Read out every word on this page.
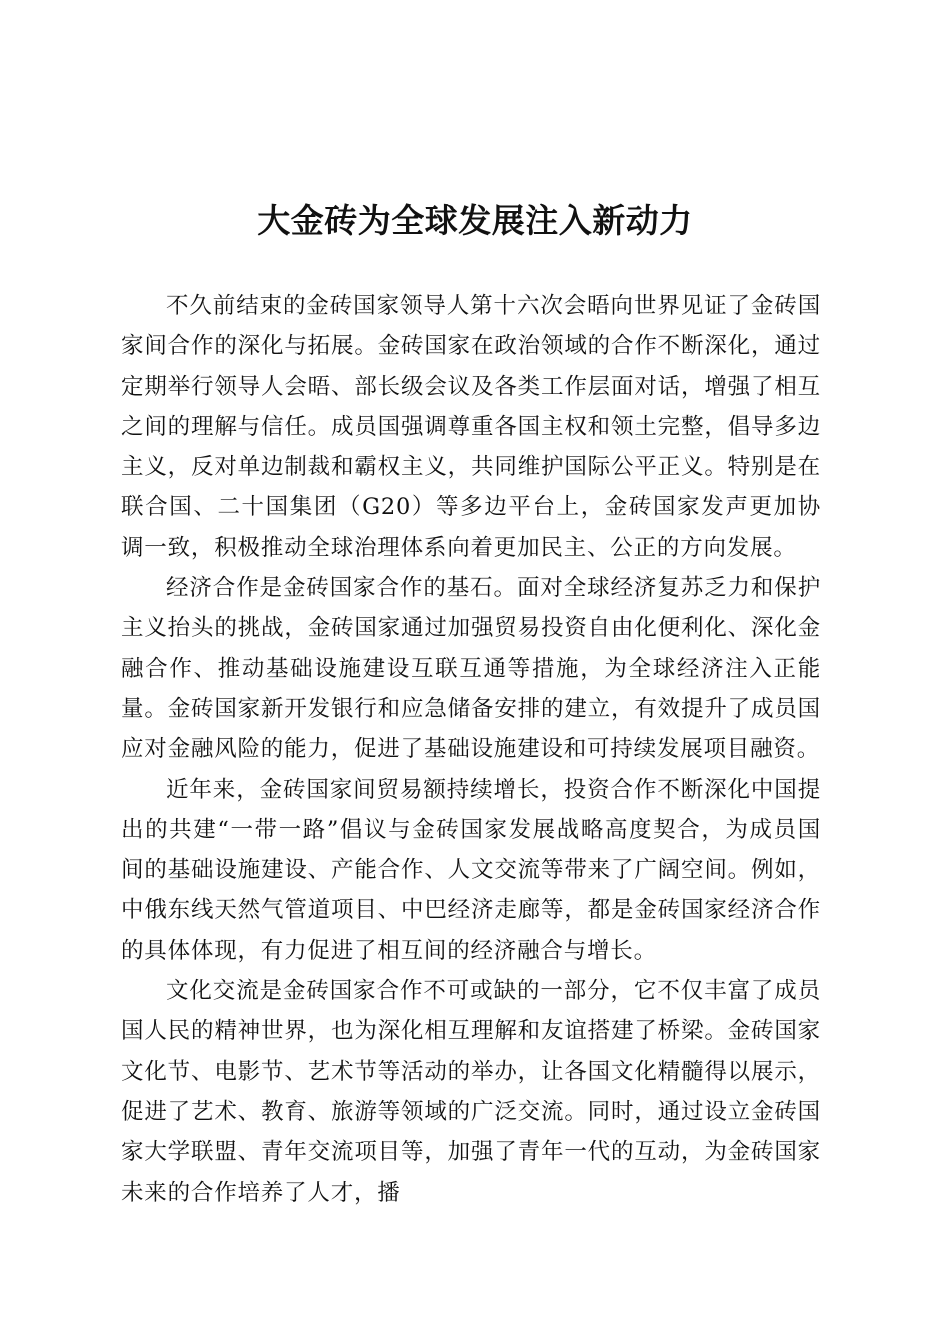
大金砖为全球发展注入新动力

不久前结束的金砖国家领导人第十六次会晤向世界见证了金砖国家间合作的深化与拓展。金砖国家在政治领域的合作不断深化，通过定期举行领导人会晤、部长级会议及各类工作层面对话，增强了相互之间的理解与信任。成员国强调尊重各国主权和领土完整，倡导多边主义，反对单边制裁和霸权主义，共同维护国际公平正义。特别是在联合国、二十国集团（G20）等多边平台上，金砖国家发声更加协调一致，积极推动全球治理体系向着更加民主、公正的方向发展。

经济合作是金砖国家合作的基石。面对全球经济复苏乏力和保护主义抬头的挑战，金砖国家通过加强贸易投资自由化便利化、深化金融合作、推动基础设施建设互联互通等措施，为全球经济注入正能量。金砖国家新开发银行和应急储备安排的建立，有效提升了成员国应对金融风险的能力，促进了基础设施建设和可持续发展项目融资。

近年来，金砖国家间贸易额持续增长，投资合作不断深化中国提出的共建“一带一路”倡议与金砖国家发展战略高度契合，为成员国间的基础设施建设、产能合作、人文交流等带来了广阔空间。例如，中俄东线天然气管道项目、中巴经济走廊等，都是金砖国家经济合作的具体体现，有力促进了相互间的经济融合与增长。

文化交流是金砖国家合作不可或缺的一部分，它不仅丰富了成员国人民的精神世界，也为深化相互理解和友谊搭建了桥梁。金砖国家文化节、电影节、艺术节等活动的举办，让各国文化精髓得以展示，促进了艺术、教育、旅游等领域的广泛交流。同时，通过设立金砖国家大学联盟、青年交流项目等，加强了青年一代的互动，为金砖国家未来的合作培养了人才，播
